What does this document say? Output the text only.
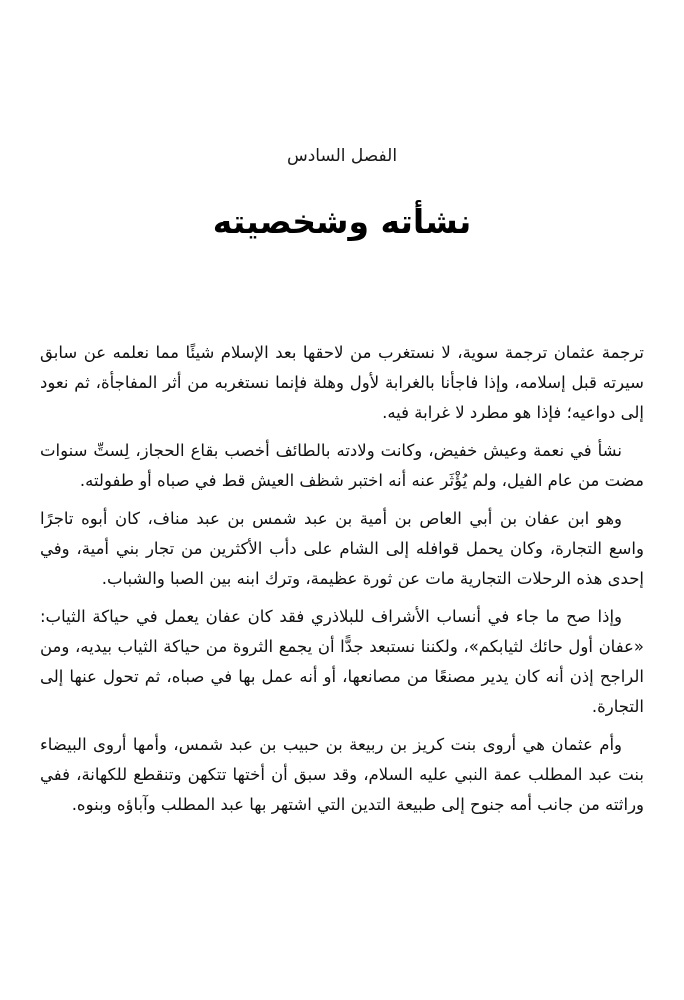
الفصل السادس
نشأته وشخصيته

ترجمة عثمان ترجمة سوية، لا نستغرب من لاحقها بعد الإسلام شيئًا مما نعلمه عن سابق سيرته قبل إسلامه، وإذا فاجأنا بالغرابة لأول وهلة فإنما نستغربه من أثر المفاجأة، ثم نعود إلى دواعيه؛ فإذا هو مطرد لا غرابة فيه.

نشأ في نعمة وعيش خفيض، وكانت ولادته بالطائف أخصب بقاع الحجاز، لِستِّ سنوات مضت من عام الفيل، ولم يُؤْثَر عنه أنه اختبر شظف العيش قط في صباه أو طفولته.

وهو ابن عفان بن أبي العاص بن أمية بن عبد شمس بن عبد مناف، كان أبوه تاجرًا واسع التجارة، وكان يحمل قوافله إلى الشام على دأب الأكثرين من تجار بني أمية، وفي إحدى هذه الرحلات التجارية مات عن ثورة عظيمة، وترك ابنه بين الصبا والشباب.

وإذا صح ما جاء في أنساب الأشراف للبلاذري فقد كان عفان يعمل في حياكة الثياب: «عفان أول حائك لثيابكم»، ولكننا نستبعد جدًّا أن يجمع الثروة من حياكة الثياب بيديه، ومن الراجح إذن أنه كان يدير مصنعًا من مصانعها، أو أنه عمل بها في صباه، ثم تحول عنها إلى التجارة.

وأم عثمان هي أروى بنت كريز بن ربيعة بن حبيب بن عبد شمس، وأمها أروى البيضاء بنت عبد المطلب عمة النبي عليه السلام، وقد سبق أن أختها تتكهن وتنقطع للكهانة، ففي وراثته من جانب أمه جنوح إلى طبيعة التدين التي اشتهر بها عبد المطلب وآباؤه وبنوه.
